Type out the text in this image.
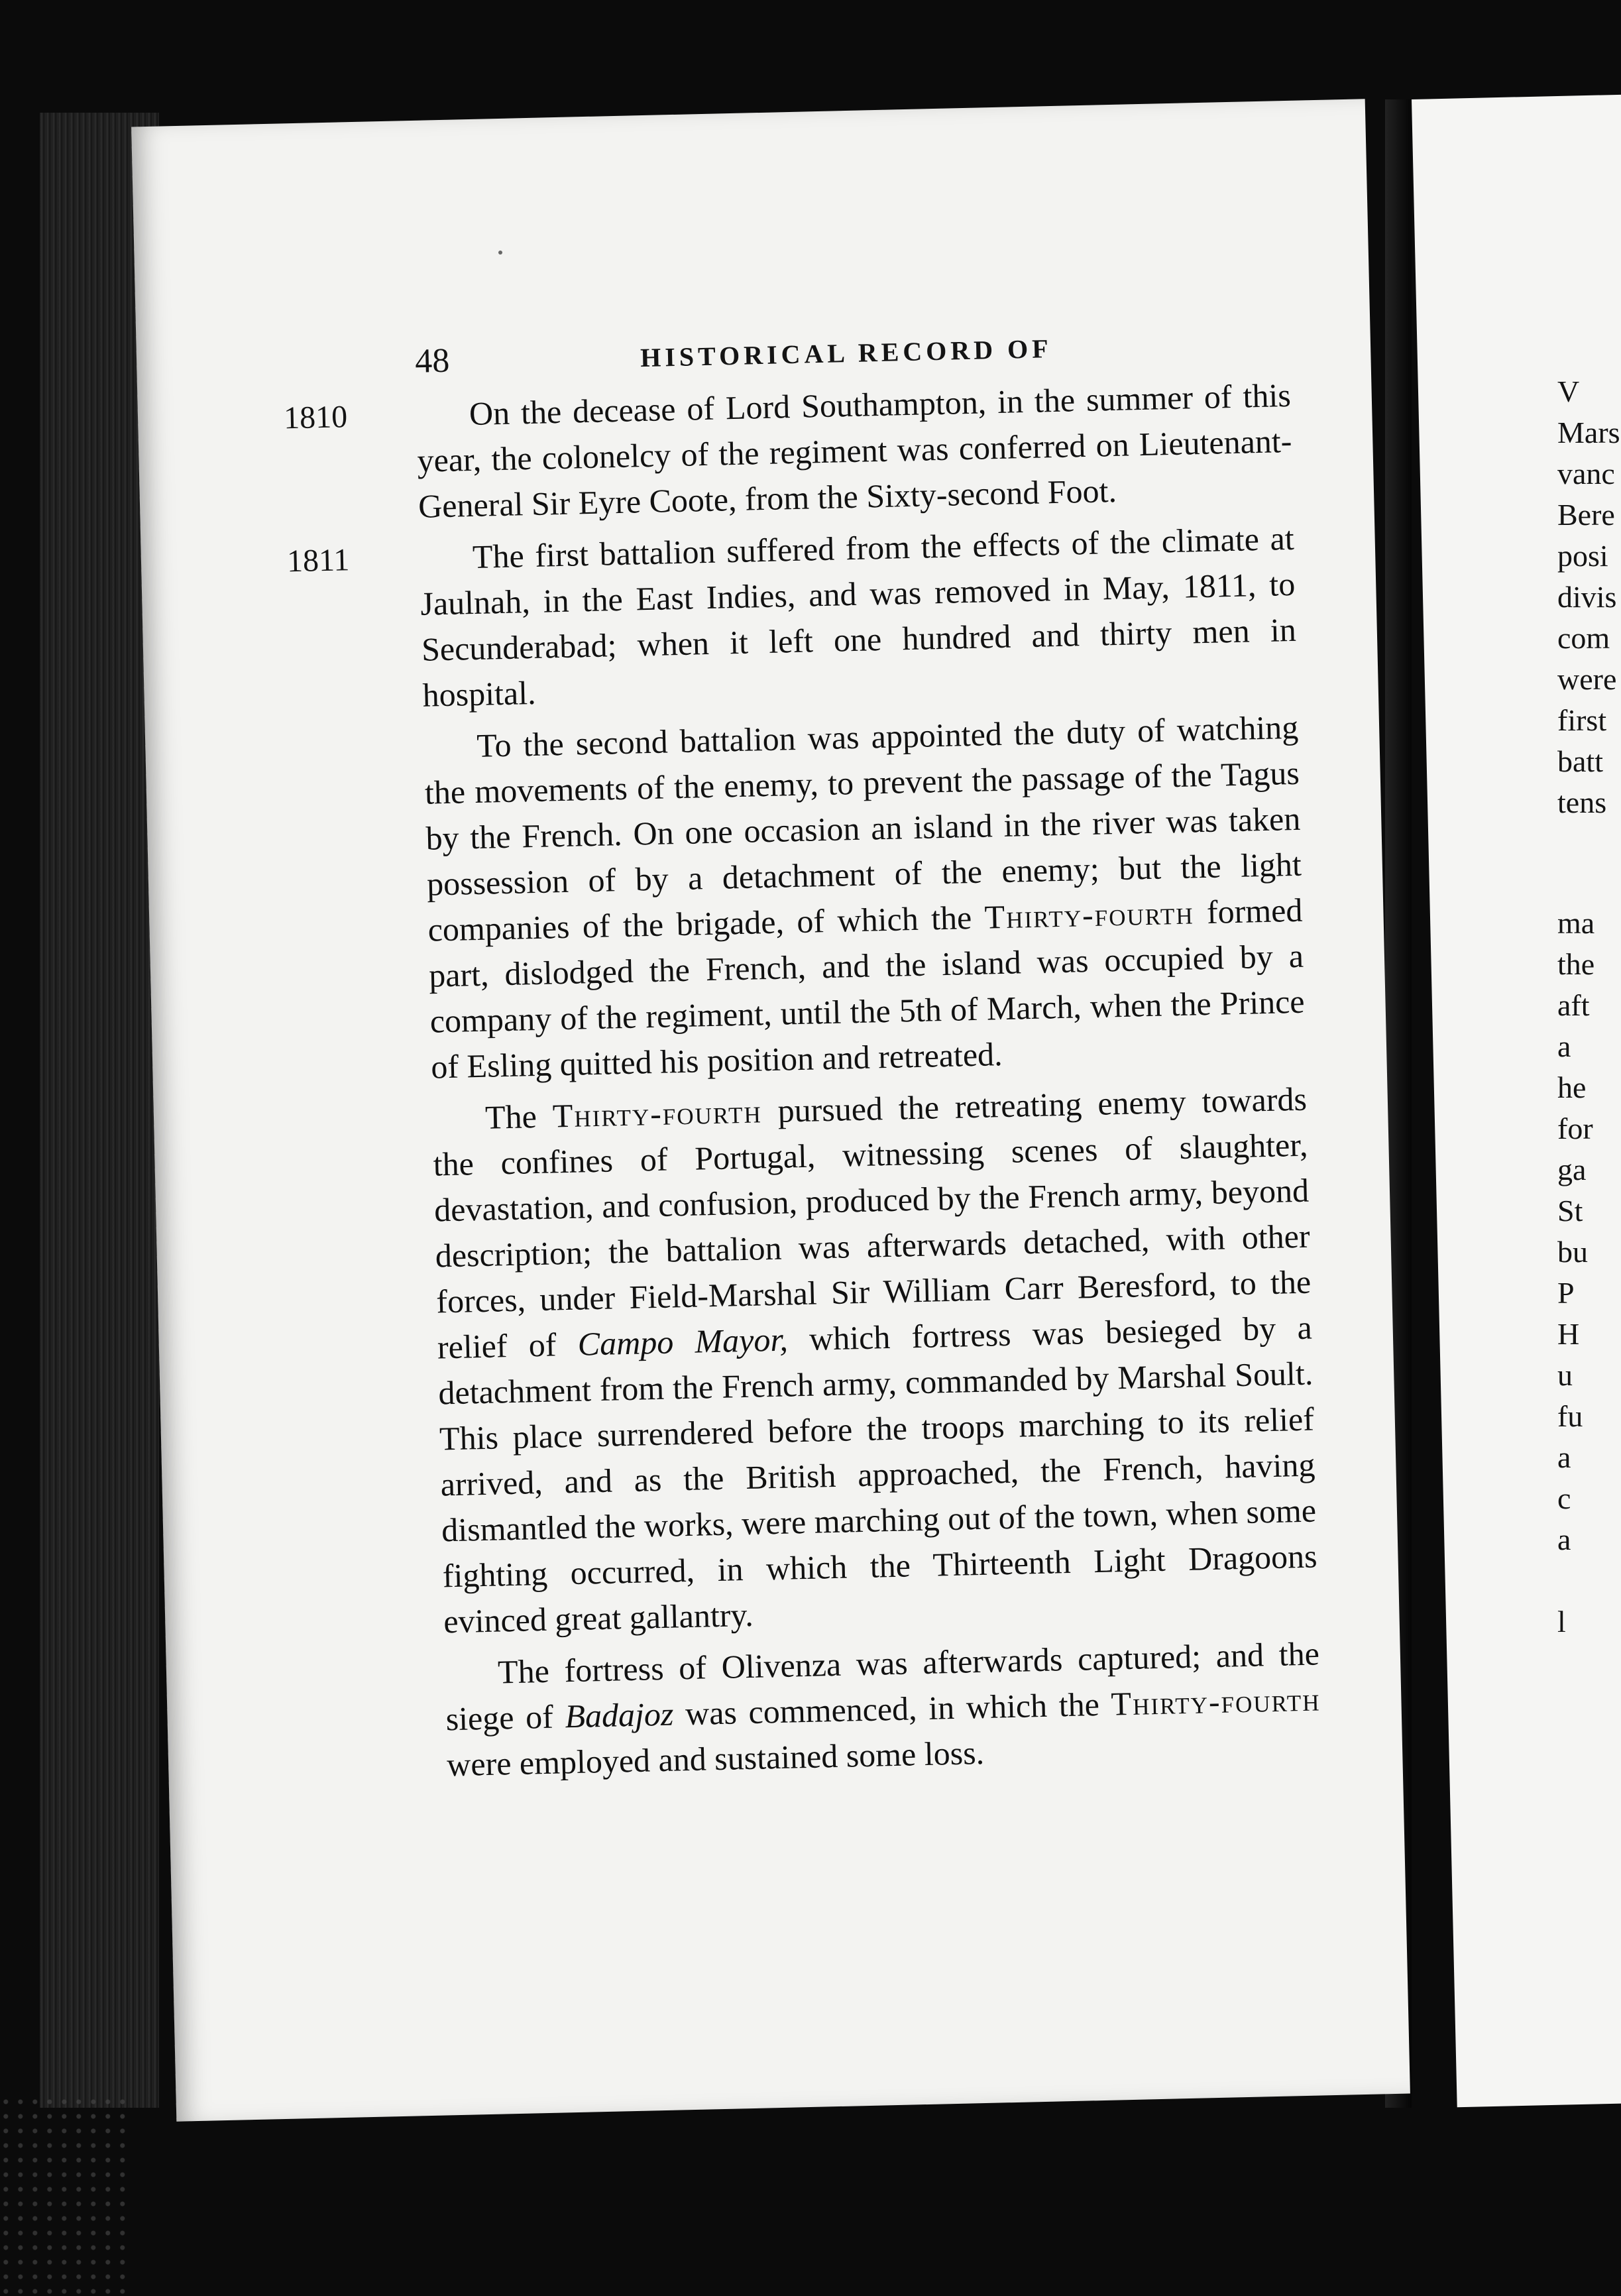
48	HISTORICAL RECORD OF
1810	On the decease of Lord Southampton, in the summer of this year, the colonelcy of the regiment was conferred on Lieutenant-General Sir Eyre Coote, from the Sixty-second Foot.

1811	The first battalion suffered from the effects of the climate at Jaulnah, in the East Indies, and was removed in May, 1811, to Secunderabad; when it left one hundred and thirty men in hospital.

To the second battalion was appointed the duty of watching the movements of the enemy, to prevent the passage of the Tagus by the French. On one occasion an island in the river was taken possession of by a detachment of the enemy; but the light companies of the brigade, of which the Thirty-fourth formed part, dislodged the French, and the island was occupied by a company of the regiment, until the 5th of March, when the Prince of Esling quitted his position and retreated.

The Thirty-fourth pursued the retreating enemy towards the confines of Portugal, witnessing scenes of slaughter, devastation, and confusion, produced by the French army, beyond description; the battalion was afterwards detached, with other forces, under Field-Marshal Sir William Carr Beresford, to the relief of Campo Mayor, which fortress was besieged by a detachment from the French army, commanded by Marshal Soult. This place surrendered before the troops marching to its relief arrived, and as the British approached, the French, having dismantled the works, were marching out of the town, when some fighting occurred, in which the Thirteenth Light Dragoons evinced great gallantry.

The fortress of Olivenza was afterwards captured; and the siege of Badajoz was commenced, in which the Thirty-fourth were employed and sustained some loss.

V
Mars
vanc
Bere
posi
divis
com
were
first
batt
tens
ma
the
aft
a
he
for
ga
St
bu
P
H
u
fu
a
c
a
l
